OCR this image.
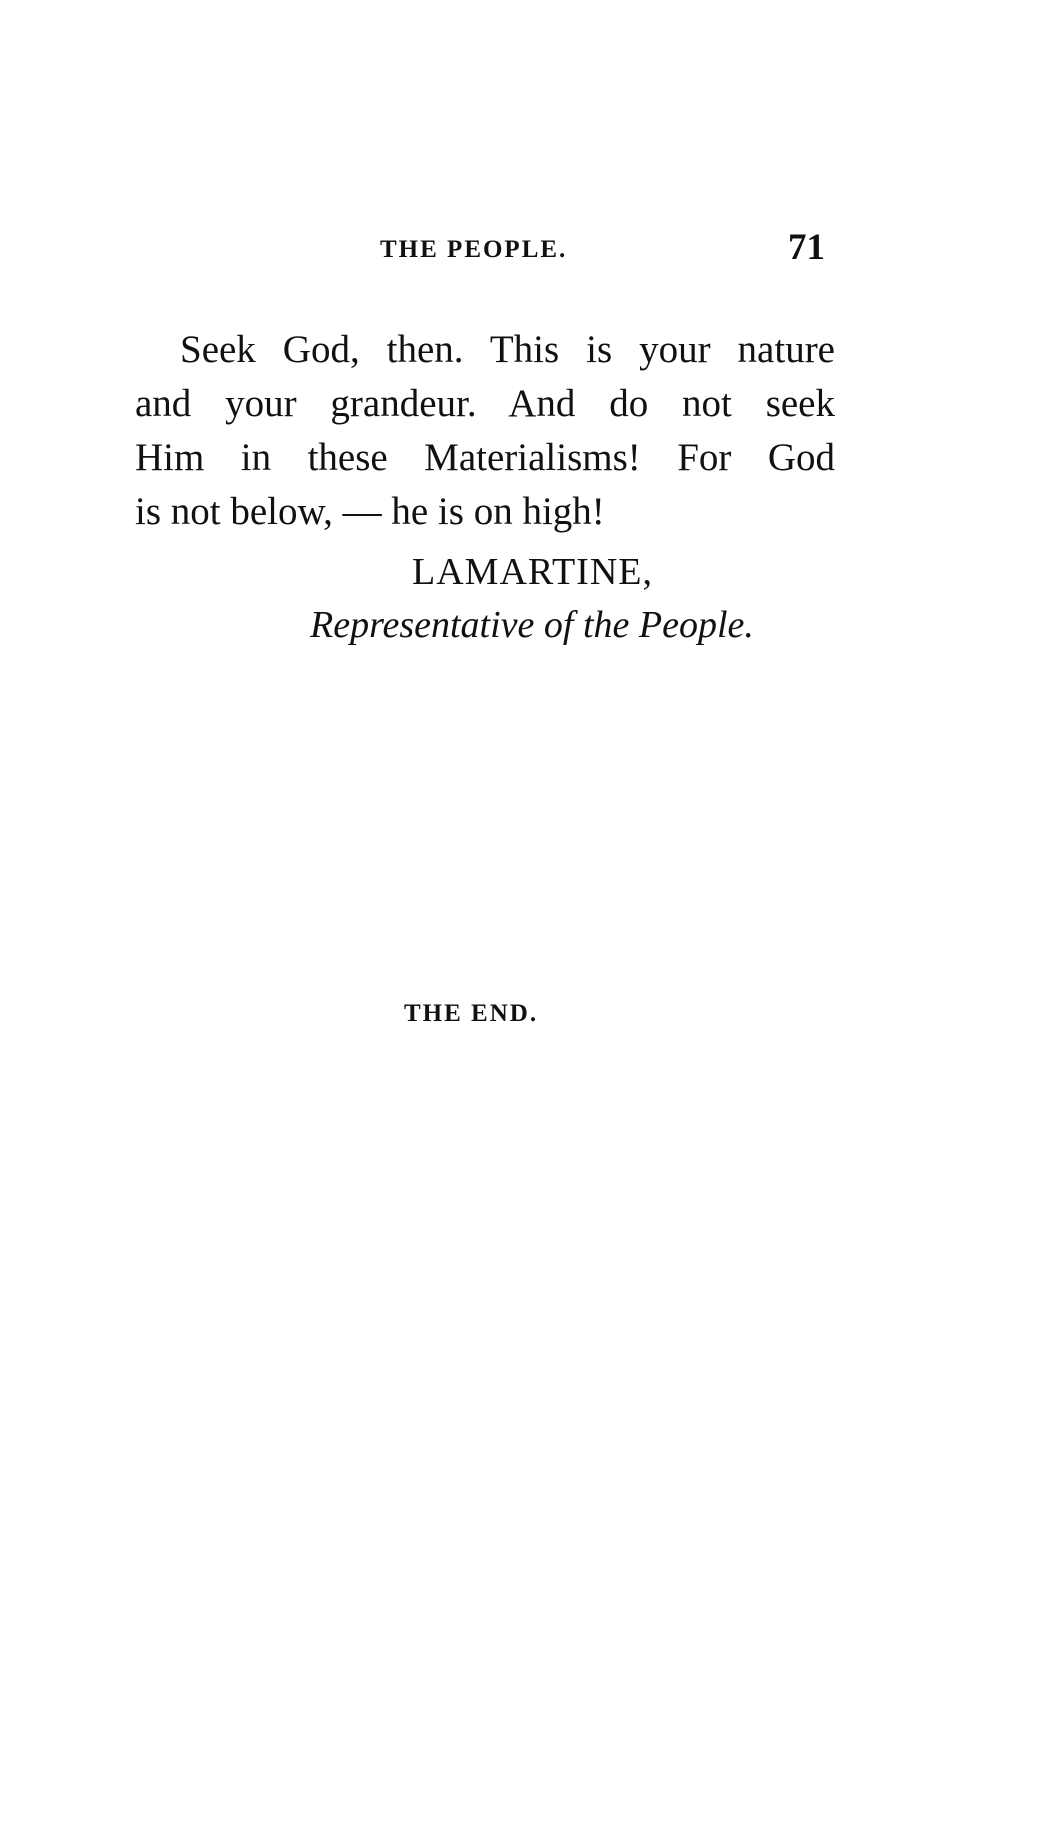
THE PEOPLE.	71
Seek God, then. This is your nature
and your grandeur. And do not seek
Him in these Materialisms! For God
is not below, — he is on high!
LAMARTINE,
Representative of the People.
THE END.
